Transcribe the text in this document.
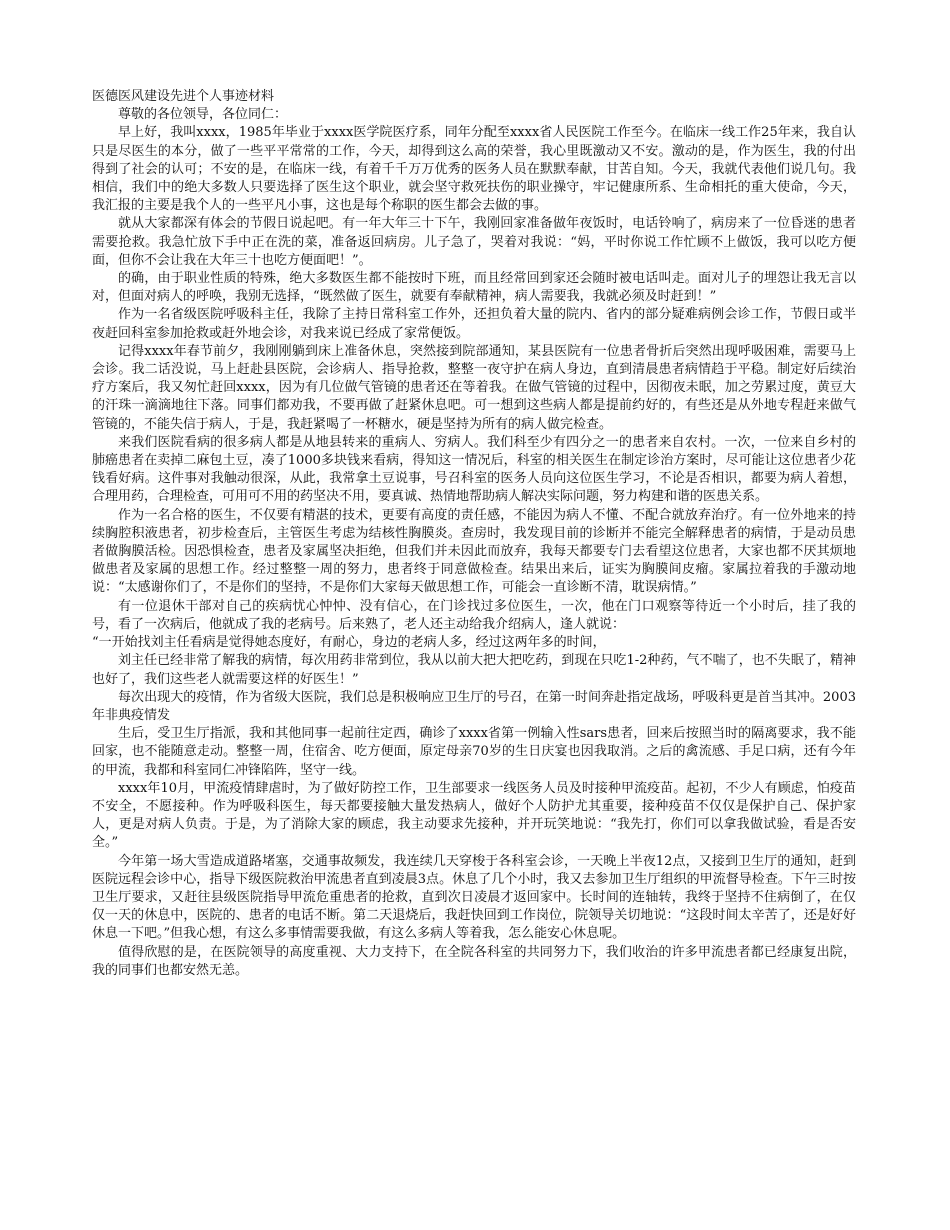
医德医风建设先进个人事迹材料

尊敬的各位领导，各位同仁：

早上好，我叫xxxx，1985年毕业于xxxx医学院医疗系，同年分配至xxxx省人民医院工作至今。在临床一线工作25年来，我自认只是尽医生的本分，做了一些平平常常的工作，今天，却得到这么高的荣誉，我心里既激动又不安。激动的是，作为医生，我的付出得到了社会的认可；不安的是，在临床一线，有着千千万万优秀的医务人员在默默奉献，甘苦自知。今天，我就代表他们说几句。我相信，我们中的绝大多数人只要选择了医生这个职业，就会坚守救死扶伤的职业操守，牢记健康所系、生命相托的重大使命，今天，我汇报的主要是我个人的一些平凡小事，这也是每个称职的医生都会去做的事。

就从大家都深有体会的节假日说起吧。有一年大年三十下午，我刚回家准备做年夜饭时，电话铃响了，病房来了一位昏迷的患者需要抢救。我急忙放下手中正在洗的菜，准备返回病房。儿子急了，哭着对我说：“妈，平时你说工作忙顾不上做饭，我可以吃方便面，但你不会让我在大年三十也吃方便面吧！”。

的确，由于职业性质的特殊，绝大多数医生都不能按时下班，而且经常回到家还会随时被电话叫走。面对儿子的埋怨让我无言以对，但面对病人的呼唤，我别无选择，“既然做了医生，就要有奉献精神，病人需要我，我就必须及时赶到！”

作为一名省级医院呼吸科主任，我除了主持日常科室工作外，还担负着大量的院内、省内的部分疑难病例会诊工作，节假日或半夜赶回科室参加抢救或赶外地会诊，对我来说已经成了家常便饭。

记得xxxx年春节前夕，我刚刚躺到床上准备休息，突然接到院部通知，某县医院有一位患者骨折后突然出现呼吸困难，需要马上会诊。我二话没说，马上赶赴县医院，会诊病人、指导抢救，整整一夜守护在病人身边，直到清晨患者病情趋于平稳。制定好后续治疗方案后，我又匆忙赶回xxxx，因为有几位做气管镜的患者还在等着我。在做气管镜的过程中，因彻夜未眠，加之劳累过度，黄豆大的汗珠一滴滴地往下落。同事们都劝我，不要再做了赶紧休息吧。可一想到这些病人都是提前约好的，有些还是从外地专程赶来做气管镜的，不能失信于病人，于是，我赶紧喝了一杯糖水，硬是坚持为所有的病人做完检查。

来我们医院看病的很多病人都是从地县转来的重病人、穷病人。我们科至少有四分之一的患者来自农村。一次，一位来自乡村的肺癌患者在卖掉二麻包土豆，凑了1000多块钱来看病，得知这一情况后，科室的相关医生在制定诊治方案时，尽可能让这位患者少花钱看好病。这件事对我触动很深，从此，我常拿土豆说事，号召科室的医务人员向这位医生学习，不论是否相识，都要为病人着想，合理用药，合理检查，可用可不用的药坚决不用，要真诚、热情地帮助病人解决实际问题，努力构建和谐的医患关系。

作为一名合格的医生，不仅要有精湛的技术，更要有高度的责任感，不能因为病人不懂、不配合就放弃治疗。有一位外地来的持续胸腔积液患者，初步检查后，主管医生考虑为结核性胸膜炎。查房时，我发现目前的诊断并不能完全解释患者的病情，于是动员患者做胸膜活检。因恐惧检查，患者及家属坚决拒绝，但我们并未因此而放弃，我每天都要专门去看望这位患者，大家也都不厌其烦地做患者及家属的思想工作。经过整整一周的努力，患者终于同意做检查。结果出来后，证实为胸膜间皮瘤。家属拉着我的手激动地说：“太感谢你们了，不是你们的坚持，不是你们大家每天做思想工作，可能会一直诊断不清，耽误病情。”

有一位退休干部对自己的疾病忧心忡忡、没有信心，在门诊找过多位医生，一次，他在门口观察等待近一个小时后，挂了我的号，看了一次病后，他就成了我的老病号。后来熟了，老人还主动给我介绍病人，逢人就说：

“一开始找刘主任看病是觉得她态度好，有耐心，身边的老病人多，经过这两年多的时间，

刘主任已经非常了解我的病情，每次用药非常到位，我从以前大把大把吃药，到现在只吃1-2种药，气不喘了，也不失眠了，精神也好了，我们这些老人就需要这样的好医生！”

每次出现大的疫情，作为省级大医院，我们总是积极响应卫生厅的号召，在第一时间奔赴指定战场，呼吸科更是首当其冲。2003年非典疫情发

生后，受卫生厅指派，我和其他同事一起前往定西，确诊了xxxx省第一例输入性sars患者，回来后按照当时的隔离要求，我不能回家，也不能随意走动。整整一周，住宿舍、吃方便面，原定母亲70岁的生日庆宴也因我取消。之后的禽流感、手足口病，还有今年的甲流，我都和科室同仁冲锋陷阵，坚守一线。

xxxx年10月，甲流疫情肆虐时，为了做好防控工作，卫生部要求一线医务人员及时接种甲流疫苗。起初，不少人有顾虑，怕疫苗不安全，不愿接种。作为呼吸科医生，每天都要接触大量发热病人，做好个人防护尤其重要，接种疫苗不仅仅是保护自己、保护家人，更是对病人负责。于是，为了消除大家的顾虑，我主动要求先接种，并开玩笑地说：“我先打，你们可以拿我做试验，看是否安全。”

今年第一场大雪造成道路堵塞，交通事故频发，我连续几天穿梭于各科室会诊，一天晚上半夜12点，又接到卫生厅的通知，赶到医院远程会诊中心，指导下级医院救治甲流患者直到凌晨3点。休息了几个小时，我又去参加卫生厅组织的甲流督导检查。下午三时按卫生厅要求，又赶往县级医院指导甲流危重患者的抢救，直到次日凌晨才返回家中。长时间的连轴转，我终于坚持不住病倒了，在仅仅一天的休息中，医院的、患者的电话不断。第二天退烧后，我赶快回到工作岗位，院领导关切地说：“这段时间太辛苦了，还是好好休息一下吧。”但我心想，有这么多事情需要我做，有这么多病人等着我，怎么能安心休息呢。

值得欣慰的是，在医院领导的高度重视、大力支持下，在全院各科室的共同努力下，我们收治的许多甲流患者都已经康复出院，我的同事们也都安然无恙。
